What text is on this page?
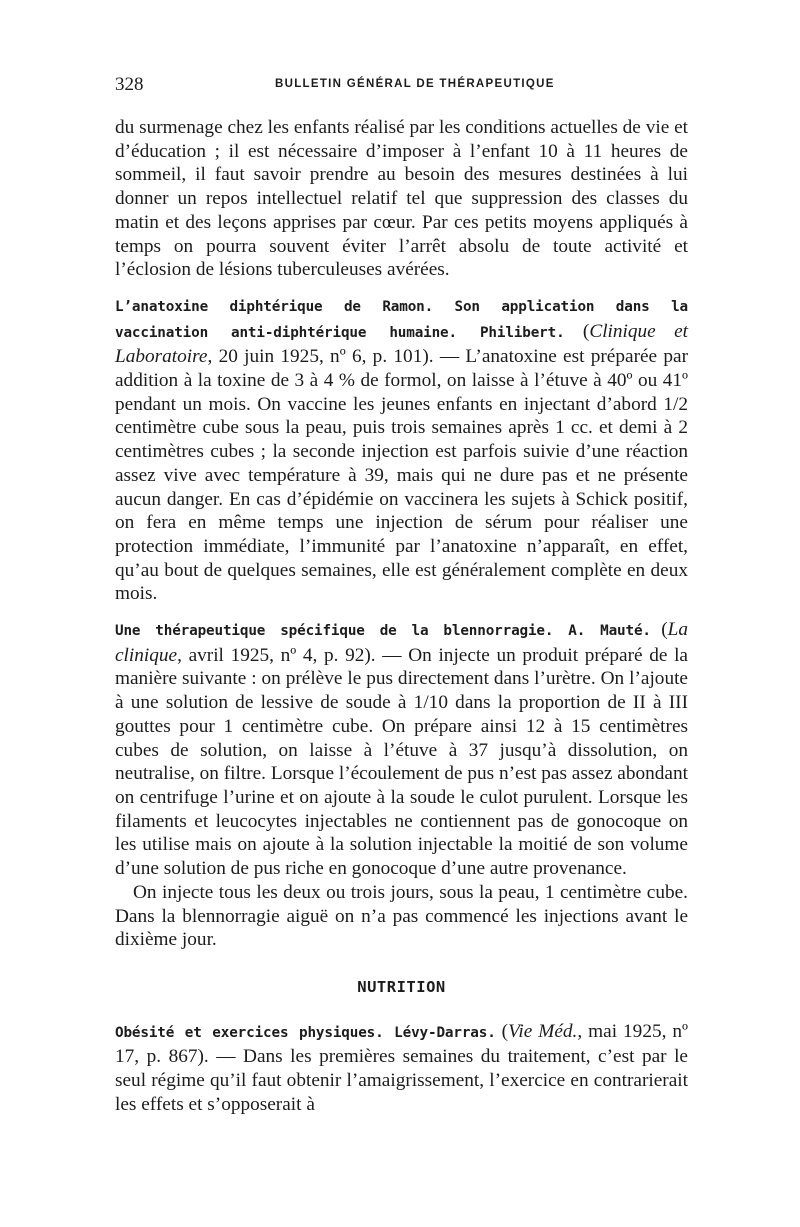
328	BULLETIN GÉNÉRAL DE THÉRAPEUTIQUE

du surmenage chez les enfants réalisé par les conditions actuelles de vie et d’éducation ; il est nécessaire d’imposer à l’enfant 10 à 11 heures de sommeil, il faut savoir prendre au besoin des mesures destinées à lui donner un repos intellectuel relatif tel que suppression des classes du matin et des leçons apprises par cœur. Par ces petits moyens appliqués à temps on pourra souvent éviter l’arrêt absolu de toute activité et l’éclosion de lésions tuberculeuses avérées.

L’anatoxine diphtérique de Ramon. Son application dans la vaccination anti-diphtérique humaine. Philibert. (Clinique et Laboratoire, 20 juin 1925, nº 6, p. 101). — L’anatoxine est préparée par addition à la toxine de 3 à 4 % de formol, on laisse à l’étuve à 40º ou 41º pendant un mois. On vaccine les jeunes enfants en injectant d’abord 1/2 centimètre cube sous la peau, puis trois semaines après 1 cc. et demi à 2 centimètres cubes ; la seconde injection est parfois suivie d’une réaction assez vive avec température à 39, mais qui ne dure pas et ne présente aucun danger. En cas d’épidémie on vaccinera les sujets à Schick positif, on fera en même temps une injection de sérum pour réaliser une protection immédiate, l’immunité par l’anatoxine n’apparaît, en effet, qu’au bout de quelques semaines, elle est généralement complète en deux mois.

Une thérapeutique spécifique de la blennorragie. A. Mauté. (La clinique, avril 1925, nº 4, p. 92). — On injecte un produit préparé de la manière suivante : on prélève le pus directement dans l’urètre. On l’ajoute à une solution de lessive de soude à 1/10 dans la proportion de II à III gouttes pour 1 centimètre cube. On prépare ainsi 12 à 15 centimètres cubes de solution, on laisse à l’étuve à 37 jusqu’à dissolution, on neutralise, on filtre. Lorsque l’écoulement de pus n’est pas assez abondant on centrifuge l’urine et on ajoute à la soude le culot purulent. Lorsque les filaments et leucocytes injectables ne contiennent pas de gonocoque on les utilise mais on ajoute à la solution injectable la moitié de son volume d’une solution de pus riche en gonocoque d’une autre provenance.

On injecte tous les deux ou trois jours, sous la peau, 1 centimètre cube. Dans la blennorragie aiguë on n’a pas commencé les injections avant le dixième jour.

NUTRITION

Obésité et exercices physiques. Lévy-Darras. (Vie Méd., mai 1925, nº 17, p. 867). — Dans les premières semaines du traitement, c’est par le seul régime qu’il faut obtenir l’amaigrissement, l’exercice en contrarierait les effets et s’opposerait à
